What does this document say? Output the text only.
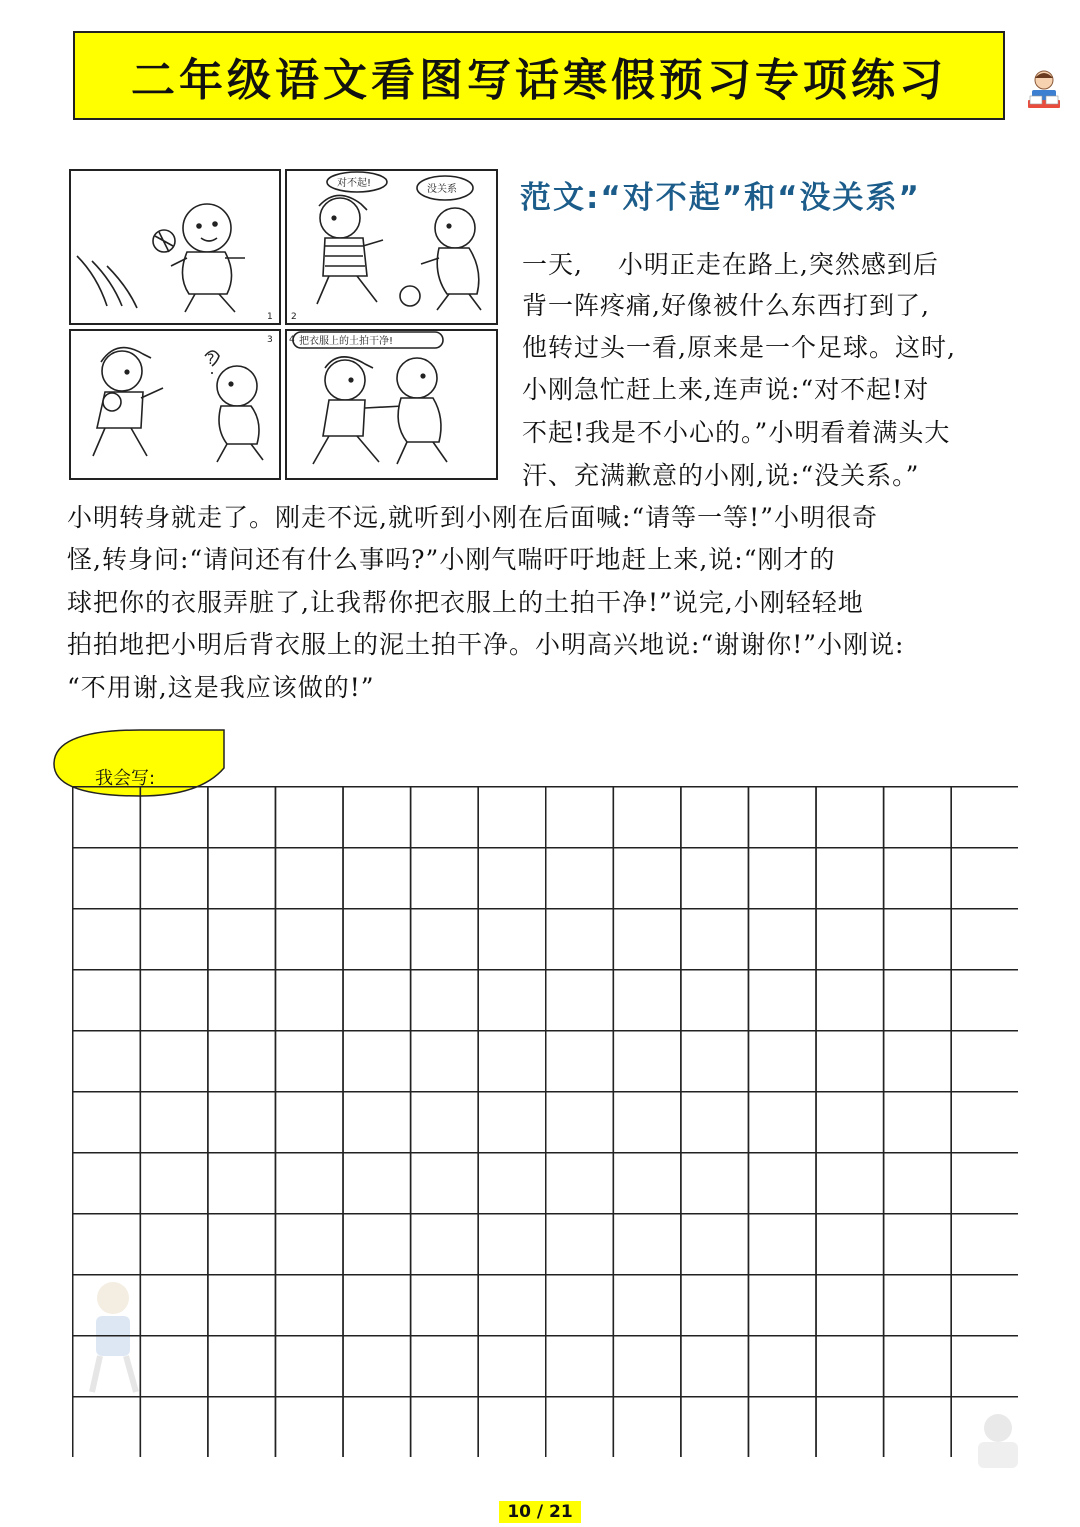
二年级语文看图写话寒假预习专项练习
1
对不起!
没关系
2
?
3	把衣服上的土拍干净!
4
范文:“对不起”和“没关系”
一天,　 小明正走在路上,突然感到后
背一阵疼痛,好像被什么东西打到了,
他转过头一看,原来是一个足球。这时,
小刚急忙赶上来,连声说:“对不起!对
不起!我是不小心的。”小明看着满头大
汗、充满歉意的小刚,说:“没关系。”
小明转身就走了。刚走不远,就听到小刚在后面喊:“请等一等!”小明很奇
怪,转身问:“请问还有什么事吗?”小刚气喘吁吁地赶上来,说:“刚才的
球把你的衣服弄脏了,让我帮你把衣服上的土拍干净!”说完,小刚轻轻地
拍拍地把小明后背衣服上的泥土拍干净。小明高兴地说:“谢谢你!”小刚说:
“不用谢,这是我应该做的!”
我会写:
10 / 21
